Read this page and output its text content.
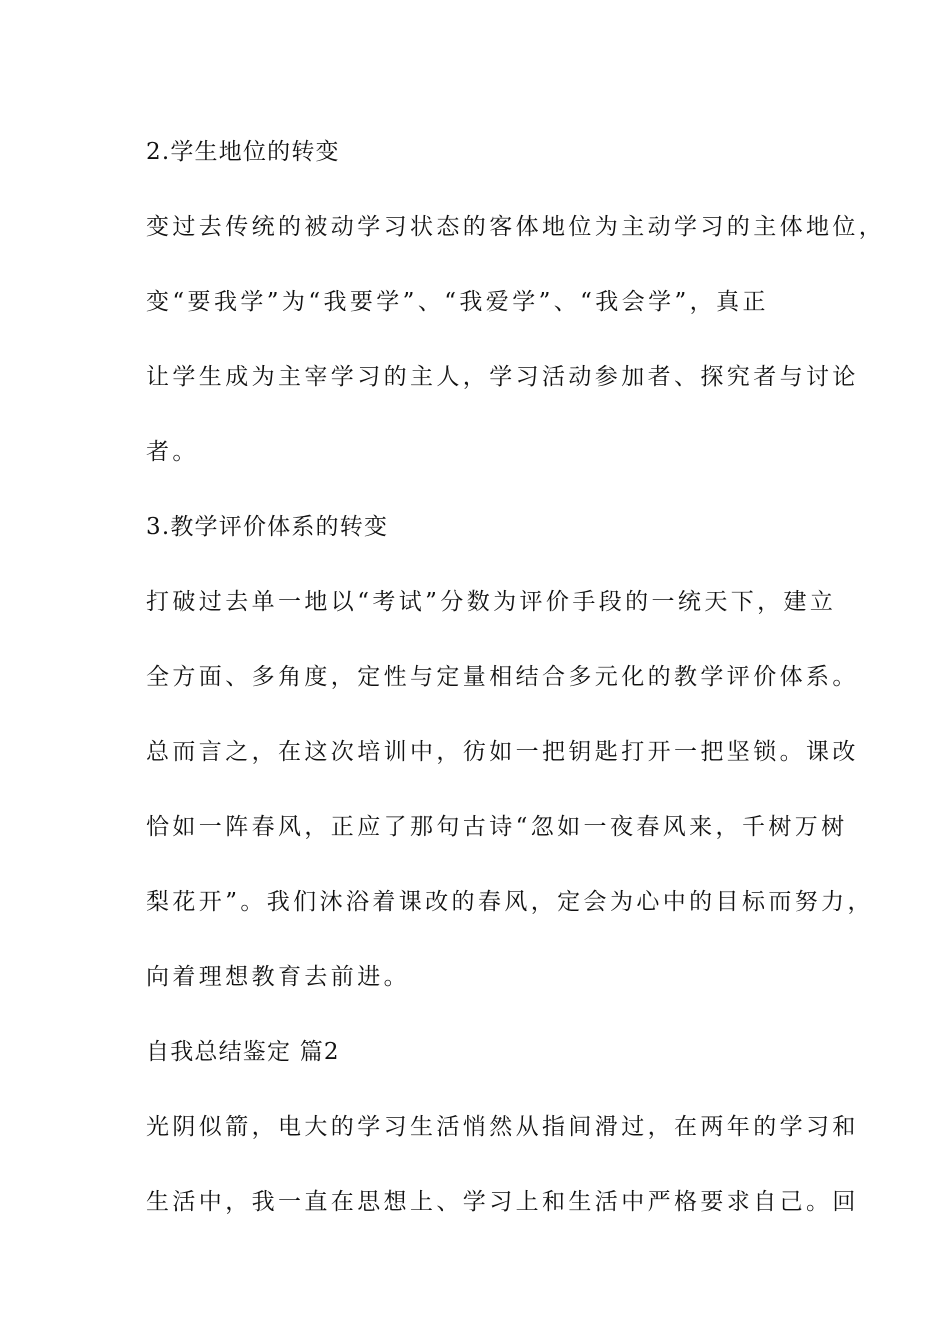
2.学生地位的转变

变过去传统的被动学习状态的客体地位为主动学习的主体地位，

变“要我学”为“我要学”、“我爱学”、“我会学”，真正

让学生成为主宰学习的主人，学习活动参加者、探究者与讨论

者。

3.教学评价体系的转变

打破过去单一地以“考试”分数为评价手段的一统天下，建立

全方面、多角度，定性与定量相结合多元化的教学评价体系。

总而言之，在这次培训中，彷如一把钥匙打开一把坚锁。课改

恰如一阵春风，正应了那句古诗“忽如一夜春风来，千树万树

梨花开”。我们沐浴着课改的春风，定会为心中的目标而努力，

向着理想教育去前进。

自我总结鉴定 篇2

光阴似箭，电大的学习生活悄然从指间滑过，在两年的学习和

生活中，我一直在思想上、学习上和生活中严格要求自己。回
